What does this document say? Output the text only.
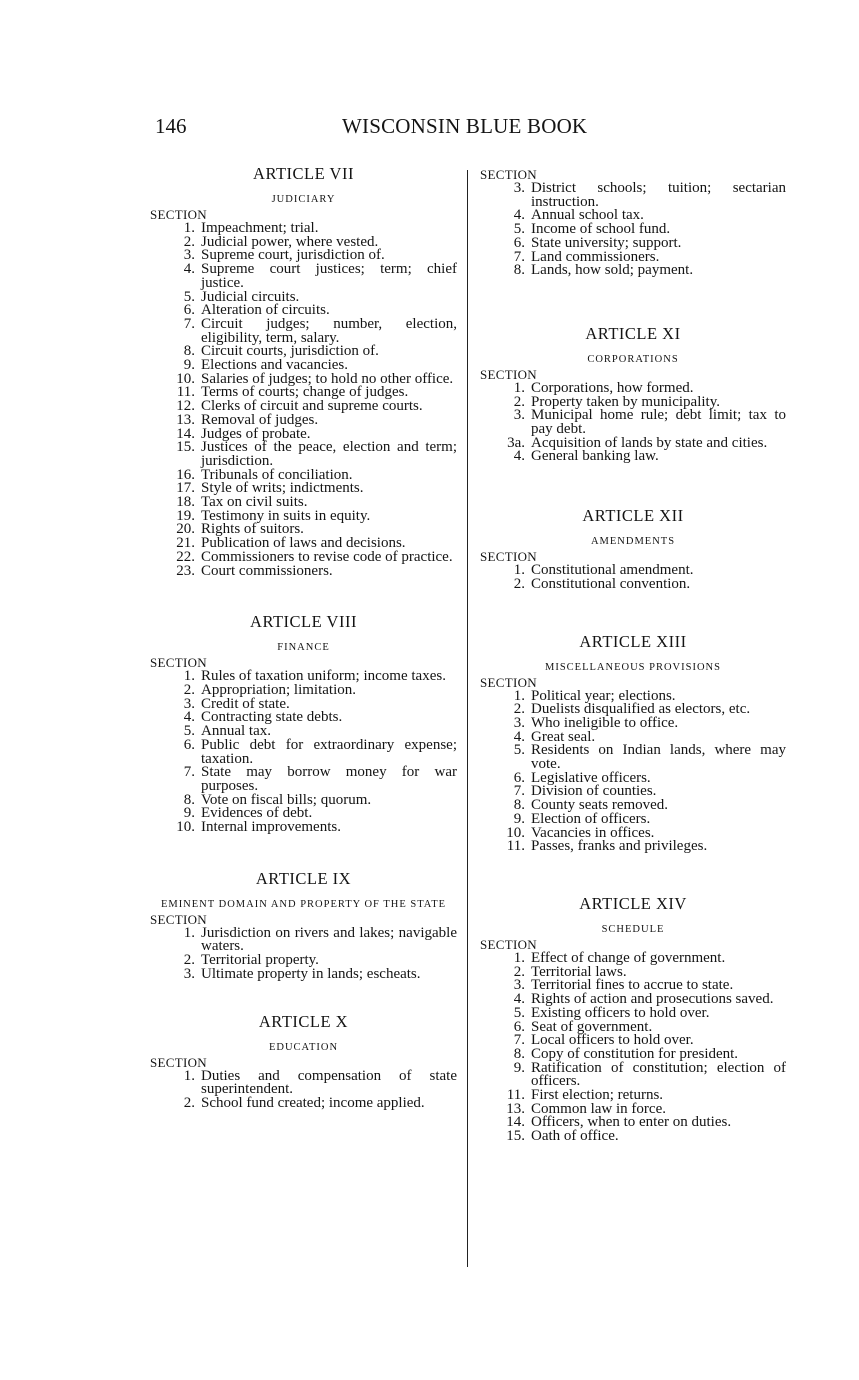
146	WISCONSIN BLUE BOOK
ARTICLE VII
JUDICIARY
SECTION
1. Impeachment; trial.
2. Judicial power, where vested.
3. Supreme court, jurisdiction of.
4. Supreme court justices; term; chief justice.
5. Judicial circuits.
6. Alteration of circuits.
7. Circuit judges; number, election, eligibility, term, salary.
8. Circuit courts, jurisdiction of.
9. Elections and vacancies.
10. Salaries of judges; to hold no other office.
11. Terms of courts; change of judges.
12. Clerks of circuit and supreme courts.
13. Removal of judges.
14. Judges of probate.
15. Justices of the peace, election and term; jurisdiction.
16. Tribunals of conciliation.
17. Style of writs; indictments.
18. Tax on civil suits.
19. Testimony in suits in equity.
20. Rights of suitors.
21. Publication of laws and decisions.
22. Commissioners to revise code of practice.
23. Court commissioners.
ARTICLE VIII
FINANCE
SECTION
1. Rules of taxation uniform; income taxes.
2. Appropriation; limitation.
3. Credit of state.
4. Contracting state debts.
5. Annual tax.
6. Public debt for extraordinary expense; taxation.
7. State may borrow money for war purposes.
8. Vote on fiscal bills; quorum.
9. Evidences of debt.
10. Internal improvements.
ARTICLE IX
EMINENT DOMAIN AND PROPERTY OF THE STATE
SECTION
1. Jurisdiction on rivers and lakes; navigable waters.
2. Territorial property.
3. Ultimate property in lands; escheats.
ARTICLE X
EDUCATION
SECTION
1. Duties and compensation of state superintendent.
2. School fund created; income applied.
SECTION
3. District schools; tuition; sectarian instruction.
4. Annual school tax.
5. Income of school fund.
6. State university; support.
7. Land commissioners.
8. Lands, how sold; payment.
ARTICLE XI
CORPORATIONS
SECTION
1. Corporations, how formed.
2. Property taken by municipality.
3. Municipal home rule; debt limit; tax to pay debt.
3a. Acquisition of lands by state and cities.
4. General banking law.
ARTICLE XII
AMENDMENTS
SECTION
1. Constitutional amendment.
2. Constitutional convention.
ARTICLE XIII
MISCELLANEOUS PROVISIONS
SECTION
1. Political year; elections.
2. Duelists disqualified as electors, etc.
3. Who ineligible to office.
4. Great seal.
5. Residents on Indian lands, where may vote.
6. Legislative officers.
7. Division of counties.
8. County seats removed.
9. Election of officers.
10. Vacancies in offices.
11. Passes, franks and privileges.
ARTICLE XIV
SCHEDULE
SECTION
1. Effect of change of government.
2. Territorial laws.
3. Territorial fines to accrue to state.
4. Rights of action and prosecutions saved.
5. Existing officers to hold over.
6. Seat of government.
7. Local officers to hold over.
8. Copy of constitution for president.
9. Ratification of constitution; election of officers.
11. First election; returns.
13. Common law in force.
14. Officers, when to enter on duties.
15. Oath of office.
